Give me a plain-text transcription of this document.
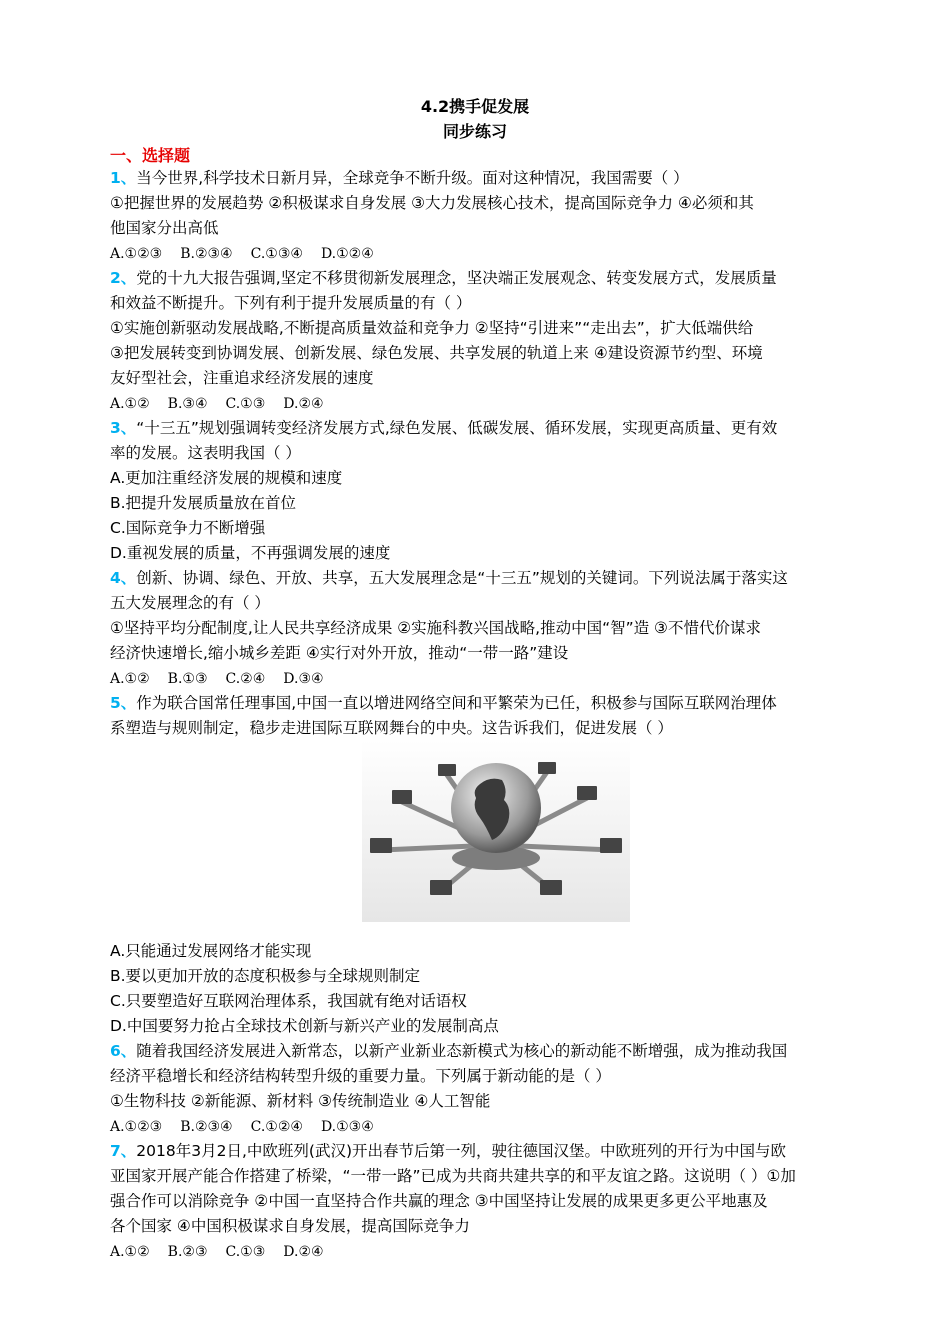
4.2携手促发展
同步练习
一、选择题
1、当今世界,科学技术日新月异，全球竞争不断升级。面对这种情况，我国需要（ ）
①把握世界的发展趋势 ②积极谋求自身发展 ③大力发展核心技术，提高国际竞争力 ④必须和其
他国家分出高低
A.①②③ B.②③④ C.①③④ D.①②④
2、党的十九大报告强调,坚定不移贯彻新发展理念，坚决端正发展观念、转变发展方式，发展质量
和效益不断提升。下列有利于提升发展质量的有（ ）
①实施创新驱动发展战略,不断提高质量效益和竞争力 ②坚持“引进来”“走出去”，扩大低端供给
③把发展转变到协调发展、创新发展、绿色发展、共享发展的轨道上来 ④建设资源节约型、环境
友好型社会，注重追求经济发展的速度
A.①② B.③④ C.①③ D.②④
3、“十三五”规划强调转变经济发展方式,绿色发展、低碳发展、循环发展，实现更高质量、更有效
率的发展。这表明我国（ ）
A.更加注重经济发展的规模和速度
B.把提升发展质量放在首位
C.国际竞争力不断增强
D.重视发展的质量，不再强调发展的速度
4、创新、协调、绿色、开放、共享，五大发展理念是“十三五”规划的关键词。下列说法属于落实这
五大发展理念的有（ ）
①坚持平均分配制度,让人民共享经济成果 ②实施科教兴国战略,推动中国“智”造 ③不惜代价谋求
经济快速增长,缩小城乡差距 ④实行对外开放，推动“一带一路”建设
A.①② B.①③ C.②④ D.③④
5、作为联合国常任理事国,中国一直以增进网络空间和平繁荣为已任，积极参与国际互联网治理体
系塑造与规则制定，稳步走进国际互联网舞台的中央。这告诉我们，促进发展（ ）
A.只能通过发展网络才能实现
B.要以更加开放的态度积极参与全球规则制定
C.只要塑造好互联网治理体系，我国就有绝对话语权
D.中国要努力抢占全球技术创新与新兴产业的发展制高点
6、随着我国经济发展进入新常态，以新产业新业态新模式为核心的新动能不断增强，成为推动我国
经济平稳增长和经济结构转型升级的重要力量。下列属于新动能的是（ ）
①生物科技 ②新能源、新材料 ③传统制造业 ④人工智能
A.①②③ B.②③④ C.①②④ D.①③④
7、2018年3月2日,中欧班列(武汉)开出春节后第一列，驶往德国汉堡。中欧班列的开行为中国与欧
亚国家开展产能合作搭建了桥梁，“一带一路”已成为共商共建共享的和平友谊之路。这说明（ ）①加
强合作可以消除竞争 ②中国一直坚持合作共赢的理念 ③中国坚持让发展的成果更多更公平地惠及
各个国家 ④中国积极谋求自身发展，提高国际竞争力
A.①② B.②③ C.①③ D.②④
